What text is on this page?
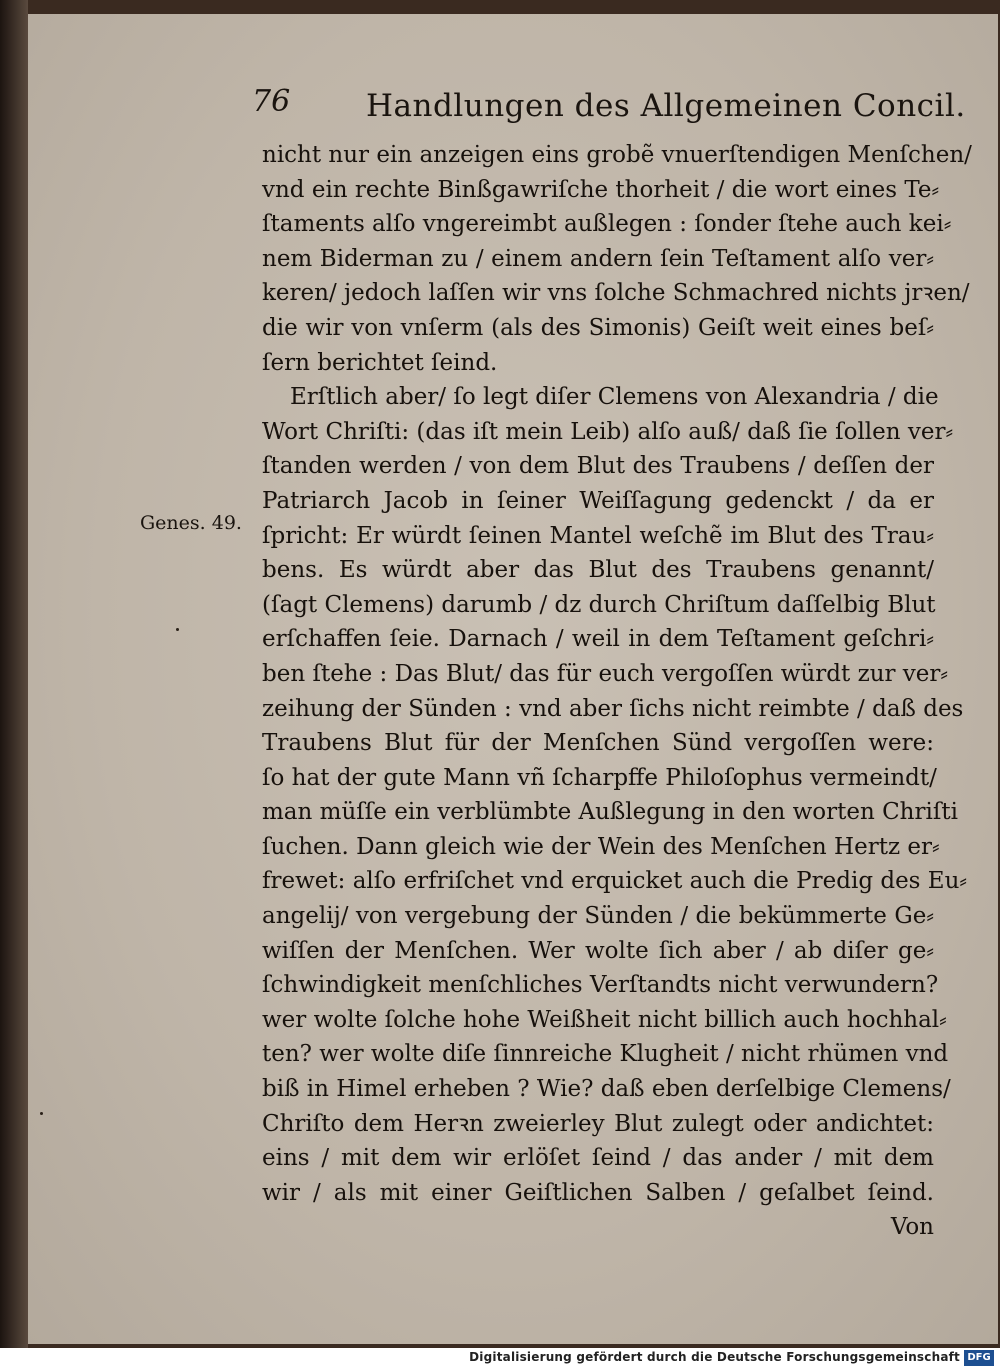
76 Handlungen des Allgemeinen Concil.
Genes. 49.
nicht nur ein anzeigen eins grobẽ vnuerſtendigen Menſchen/
vnd ein rechte Binßgawriſche thorheit / die wort eines Te⸗
ſtaments alſo vngereimbt außlegen : ſonder ſtehe auch kei⸗
nem Biderman zu / einem andern ſein Teſtament alſo ver⸗
keren/ jedoch laſſen wir vns ſolche Schmachred nichts jrꝛen/
die wir von vnſerm (als des Simonis) Geiſt weit eines beſ⸗
ſern berichtet ſeind.
Erſtlich aber/ ſo legt diſer Clemens von Alexandria / die
Wort Chriſti: (das iſt mein Leib) alſo auß/ daß ſie ſollen ver⸗
ſtanden werden / von dem Blut des Traubens / deſſen der
Patriarch Jacob in ſeiner Weiſſagung gedenckt / da er
ſpricht: Er würdt ſeinen Mantel weſchẽ im Blut des Trau⸗
bens. Es würdt aber das Blut des Traubens genannt/
(ſagt Clemens) darumb / dz durch Chriſtum daſſelbig Blut
erſchaffen ſeie. Darnach / weil in dem Teſtament geſchri⸗
ben ſtehe : Das Blut/ das für euch vergoſſen würdt zur ver⸗
zeihung der Sünden : vnd aber ſichs nicht reimbte / daß des
Traubens Blut für der Menſchen Sünd vergoſſen were:
ſo hat der gute Mann vñ ſcharpffe Philoſophus vermeindt/
man müſſe ein verblümbte Außlegung in den worten Chriſti
ſuchen. Dann gleich wie der Wein des Menſchen Hertz er⸗
frewet: alſo erfriſchet vnd erquicket auch die Predig des Eu⸗
angelij/ von vergebung der Sünden / die bekümmerte Ge⸗
wiſſen der Menſchen. Wer wolte ſich aber / ab diſer ge⸗
ſchwindigkeit menſchliches Verſtandts nicht verwundern?
wer wolte ſolche hohe Weißheit nicht billich auch hochhal⸗
ten? wer wolte diſe ſinnreiche Klugheit / nicht rhümen vnd
biß in Himel erheben ? Wie? daß eben derſelbige Clemens/
Chriſto dem Herꝛn zweierley Blut zulegt oder andichtet:
eins / mit dem wir erlöſet ſeind / das ander / mit dem
wir / als mit einer Geiſtlichen Salben / geſalbet ſeind.
Von
Digitalisierung gefördert durch die Deutsche Forschungsgemeinschaft DFG
